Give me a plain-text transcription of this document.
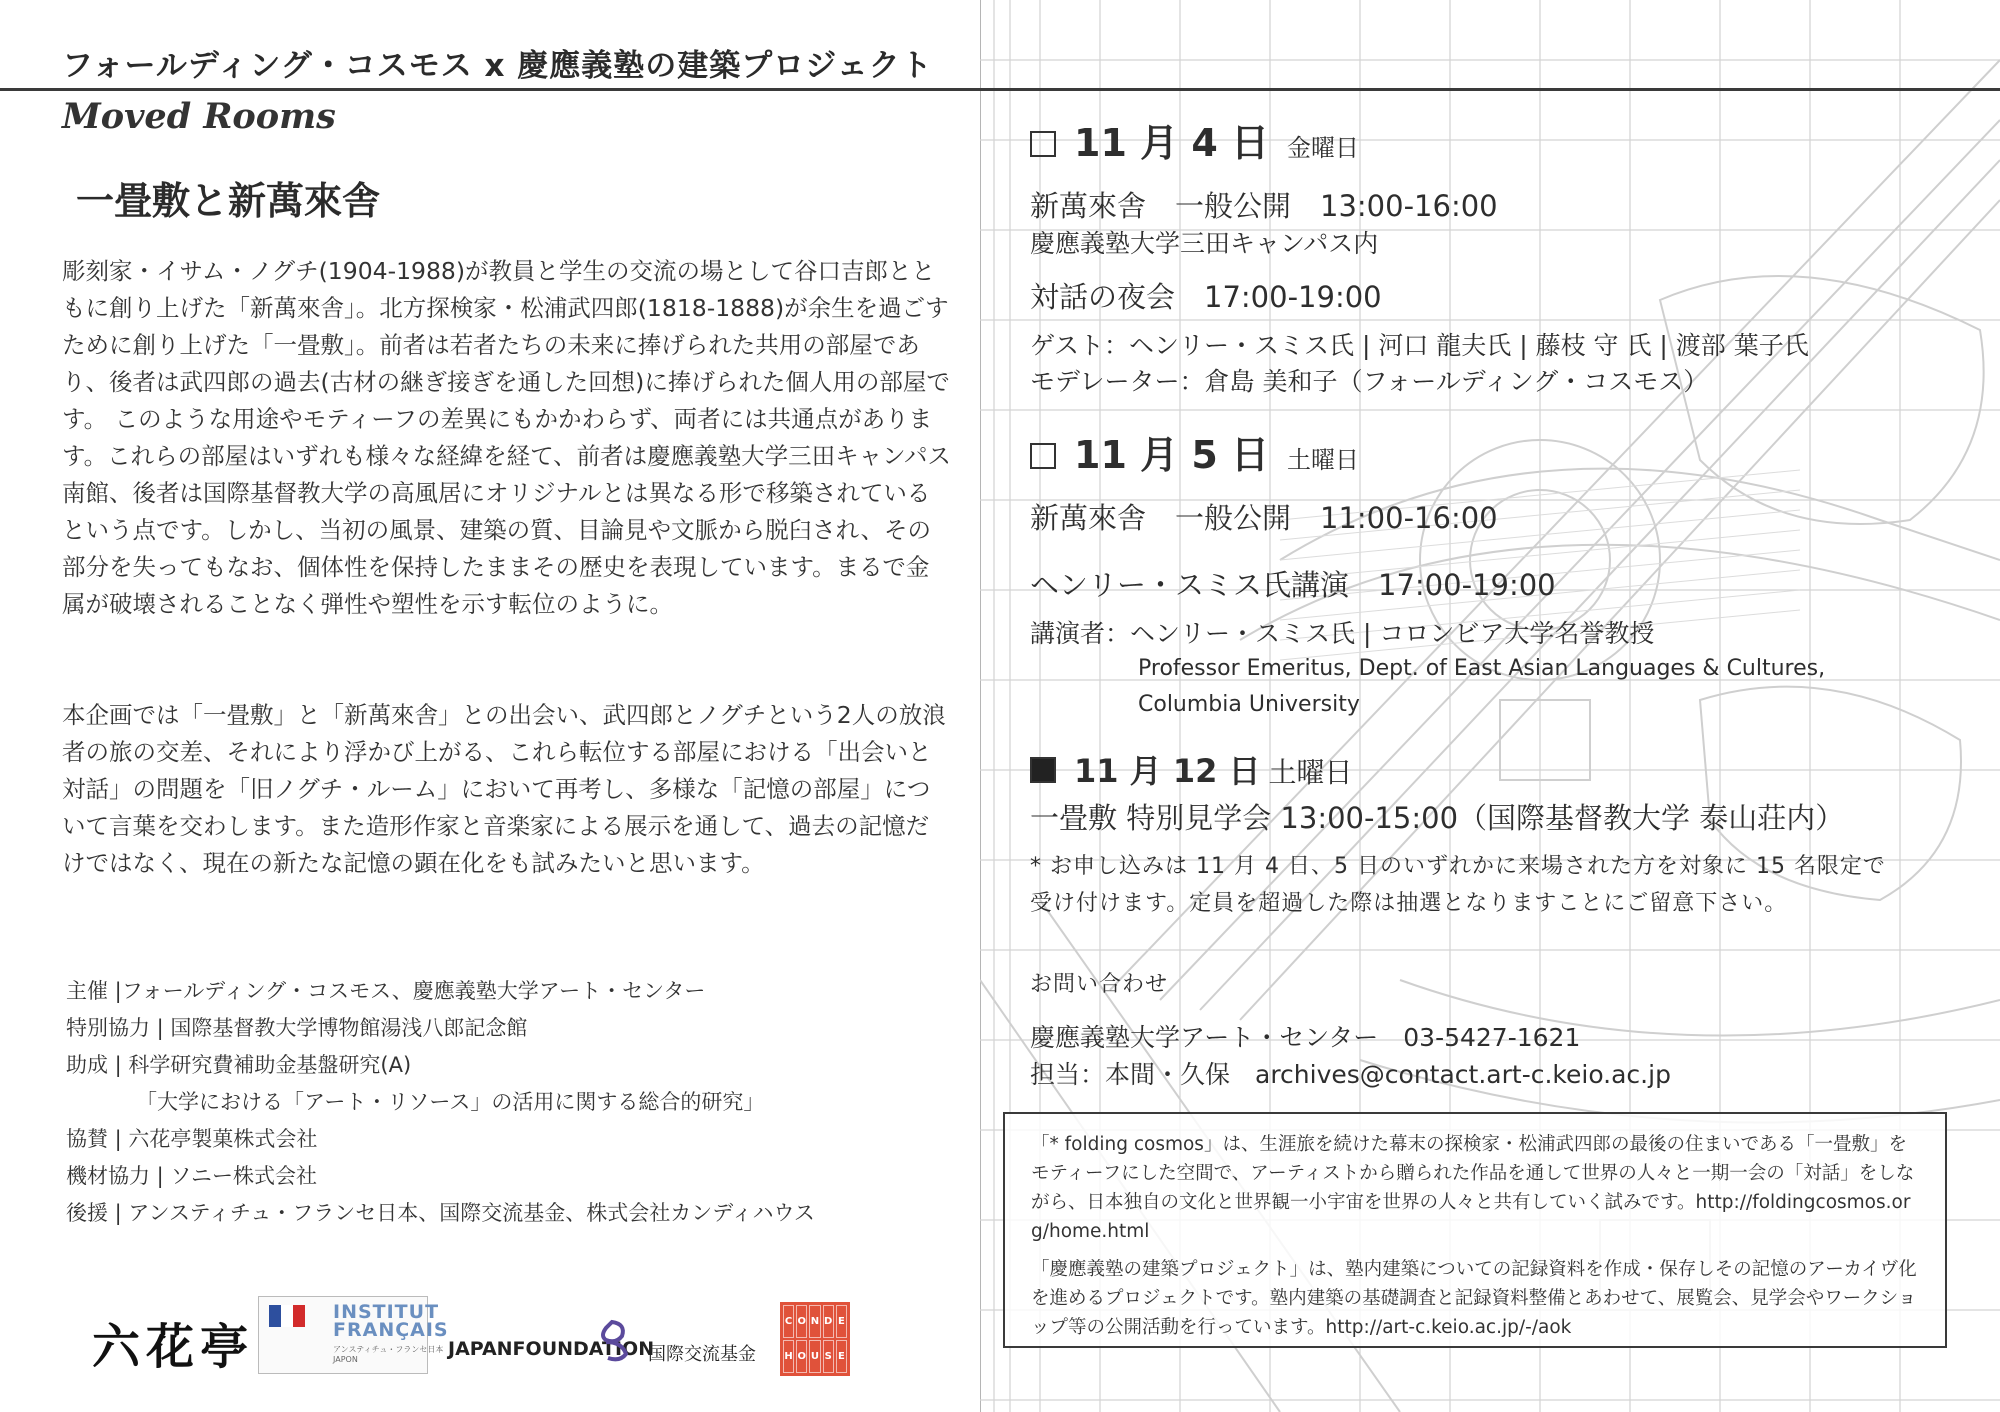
フォールディング・コスモス x 慶應義塾の建築プロジェクト
Moved Rooms
一畳敷と新萬來舎
彫刻家・イサム・ノグチ(1904-1988)が教員と学生の交流の場として谷口吉郎とともに創り上げた「新萬來舎」。北方探検家・松浦武四郎(1818-1888)が余生を過ごすために創り上げた「一畳敷」。前者は若者たちの未来に捧げられた共用の部屋であり、後者は武四郎の過去(古材の継ぎ接ぎを通した回想)に捧げられた個人用の部屋です。 このような用途やモティーフの差異にもかかわらず、両者には共通点があります。これらの部屋はいずれも様々な経緯を経て、前者は慶應義塾大学三田キャンパス南館、後者は国際基督教大学の高風居にオリジナルとは異なる形で移築されているという点です。しかし、当初の風景、建築の質、目論見や文脈から脱臼され、その部分を失ってもなお、個体性を保持したままその歴史を表現しています。まるで金属が破壊されることなく弾性や塑性を示す転位のように。
本企画では「一畳敷」と「新萬來舎」との出会い、武四郎とノグチという2人の放浪者の旅の交差、それにより浮かび上がる、これら転位する部屋における「出会いと対話」の問題を「旧ノグチ・ルーム」において再考し、多様な「記憶の部屋」について言葉を交わします。また造形作家と音楽家による展示を通して、過去の記憶だけではなく、現在の新たな記憶の顕在化をも試みたいと思います。
主催 |フォールディング・コスモス、慶應義塾大学アート・センター
特別協力 | 国際基督教大学博物館湯浅八郎記念館
助成 | 科学研究費補助金基盤研究(A)
「大学における「アート・リソース」の活用に関する総合的研究」
協賛 | 六花亭製菓株式会社
機材協力 | ソニー株式会社
後援 | アンスティチュ・フランセ日本、国際交流基金、株式会社カンディハウス
六花亭
INSTITUT FRANÇAIS
アンスティチュ・フランセ日本
JAPON	JAPANFOUNDATION
国際交流基金
C O N D E
H O U S E
11 月 4 日 金曜日
新萬來舎　一般公開　13:00-16:00
慶應義塾大学三田キャンパス内
対話の夜会　17:00-19:00
ゲスト：ヘンリー・スミス氏 | 河口 龍夫氏 | 藤枝 守 氏 | 渡部 葉子氏
モデレーター：倉島 美和子（フォールディング・コスモス）
11 月 5 日 土曜日
新萬來舎　一般公開　11:00-16:00
ヘンリー・スミス氏講演　17:00-19:00
講演者：ヘンリー・スミス氏 | コロンビア大学名誉教授
Professor Emeritus, Dept. of East Asian Languages & Cultures,
Columbia University
11 月 12 日 土曜日
一畳敷 特別見学会 13:00-15:00（国際基督教大学 泰山荘内）
* お申し込みは 11 月 4 日、5 日のいずれかに来場された方を対象に 15 名限定で
受け付けます。定員を超過した際は抽選となりますことにご留意下さい。
お問い合わせ
慶應義塾大学アート・センター　03-5427-1621
担当：本間・久保　archives@contact.art-c.keio.ac.jp

「* folding cosmos」は、生涯旅を続けた幕末の探検家・松浦武四郎の最後の住まいである「一畳敷」をモティーフにした空間で、アーティストから贈られた作品を通して世界の人々と一期一会の「対話」をしながら、日本独自の文化と世界観一小宇宙を世界の人々と共有していく試みです。http://foldingcosmos.org/home.html

「慶應義塾の建築プロジェクト」は、塾内建築についての記録資料を作成・保存しその記憶のアーカイヴ化を進めるプロジェクトです。塾内建築の基礎調査と記録資料整備とあわせて、展覧会、見学会やワークショップ等の公開活動を行っています。http://art-c.keio.ac.jp/-/aok
